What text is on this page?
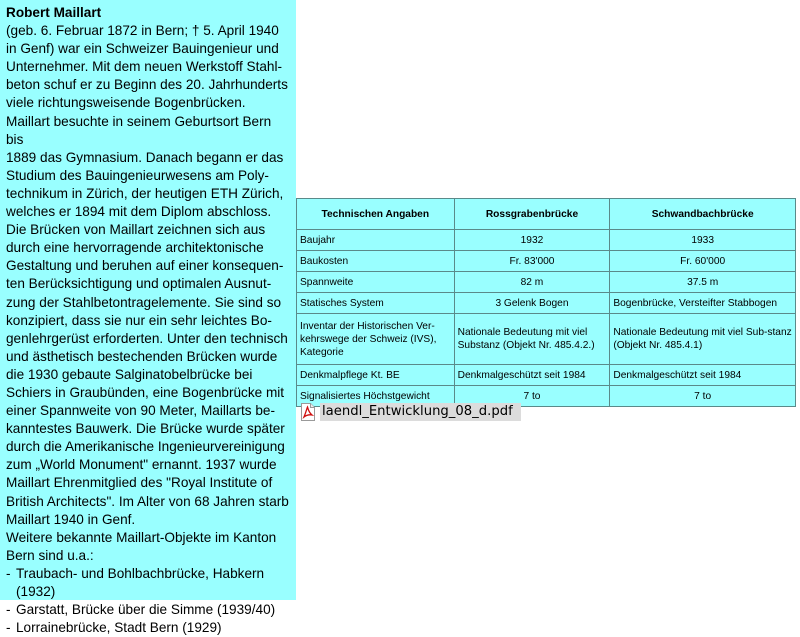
Robert Maillart
(geb. 6. Februar 1872 in Bern; † 5. April 1940
in Genf) war ein Schweizer Bauingenieur und
Unternehmer. Mit dem neuen Werkstoff Stahl-
beton schuf er zu Beginn des 20. Jahrhunderts
viele richtungsweisende Bogenbrücken.
Maillart besuchte in seinem Geburtsort Bern bis
1889 das Gymnasium. Danach begann er das
Studium des Bauingenieurwesens am Poly-
technikum in Zürich, der heutigen ETH Zürich,
welches er 1894 mit dem Diplom abschloss.
Die Brücken von Maillart zeichnen sich aus
durch eine hervorragende architektonische
Gestaltung und beruhen auf einer konsequen-
ten Berücksichtigung und optimalen Ausnut-
zung der Stahlbetontragelemente. Sie sind so
konzipiert, dass sie nur ein sehr leichtes Bo-
genlehrgerüst erforderten. Unter den technisch
und ästhetisch bestechenden Brücken wurde
die 1930 gebaute Salginatobelbrücke bei
Schiers in Graubünden, eine Bogenbrücke mit
einer Spannweite von 90 Meter, Maillarts be-
kanntestes Bauwerk. Die Brücke wurde später
durch die Amerikanische Ingenieurvereinigung
zum „World Monument" ernannt. 1937 wurde
Maillart Ehrenmitglied des "Royal Institute of
British Architects". Im Alter von 68 Jahren starb
Maillart 1940 in Genf.
Weitere bekannte Maillart-Objekte im Kanton
Bern sind u.a.:
- Traubach- und Bohlbachbrücke, Habkern
(1932)
- Garstatt, Brücke über die Simme (1939/40)
- Lorrainebrücke, Stadt Bern (1929)
Technischen Angaben	Rossgrabenbrücke	Schwandbachbrücke
Baujahr	1932	1933
Baukosten	Fr. 83'000	Fr. 60'000
Spannweite	82 m	37.5 m
Statisches System	3 Gelenk Bogen	Bogenbrücke, Versteifter Stabbogen
Inventar der Historischen Ver-kehrswege der Schweiz (IVS), Kategorie	Nationale Bedeutung mit viel Substanz (Objekt Nr. 485.4.2.)	Nationale Bedeutung mit viel Sub-stanz (Objekt Nr. 485.4.1)
Denkmalpflege Kt. BE	Denkmalgeschützt seit 1984	Denkmalgeschützt seit 1984
Signalisiertes Höchstgewicht	7 to	7 to
laendl_Entwicklung_08_d.pdf
